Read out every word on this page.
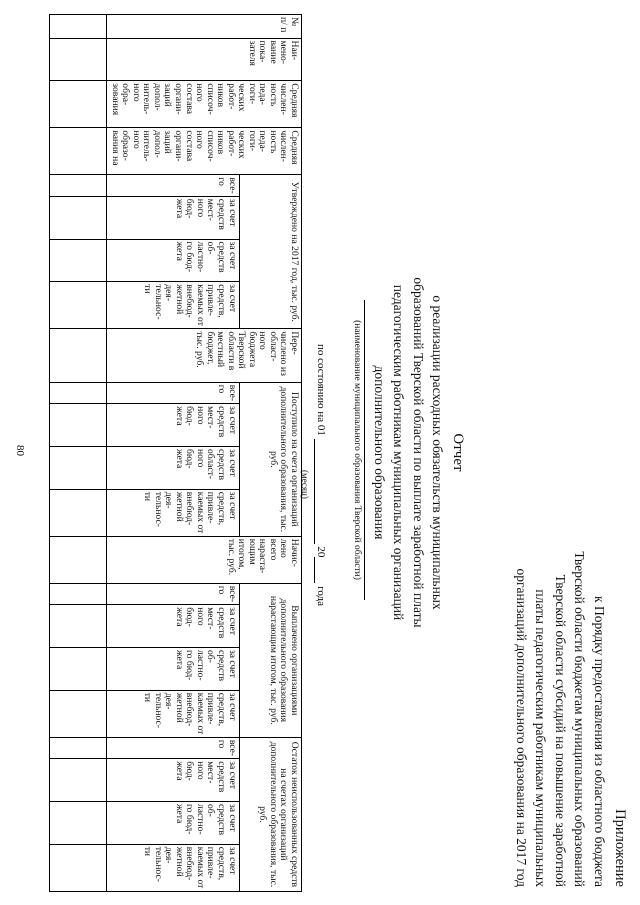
80
Приложение
к Порядку предоставления из областного бюджета
Тверской области бюджетам муниципальных образований
Тверской области субсидий на повышение заработной
платы педагогическим работникам муниципальных
организаций дополнительного образования на 2017 год
Отчет
о реализации расходных обязательств муниципальных
образований Тверской области по выплате заработной платы
педагогическим работникам муниципальных организаций
дополнительного образования
(наименование муниципального образования Тверской области)
по состоянию на 01   20  года
(месяц)
№ п/ п	Наи- мено- вание пока- зателя	Средняя числен- ность педа- гоги- ческих работ- ников списоч- ного состава органи- заций допол- нитель- ного обра- зования	Средняя числен- ность педа- гоги- ческих работ- ников списоч- ного состава органи- заций допол- нитель- ного образо- вания на	Утверждено на 2017 год, тыс. руб.				Пере- числено из област- ного бюджета Тверской области в местный бюджет, тыс. руб.	Поступило на счета организаций дополнительного образования, тыс. руб.				Начис- лено всего нараста- ющим итогом, тыс. руб.	Выплачено организациями дополнительного образования нарастающим итогом, тыс. руб.				Остаток неиспользованных средств на счетах организаций дополнительного образования, тыс. руб.			
				все- го	за счет средств мест- ного бюд- жета	за счет средств об- ластно- го бюд- жета	за счет средств, привле- каемых от внебюд- жетной дея- тельнос- ти		все- го	за счет средств мест- ного бюд- жета	за счет средств област- ного бюд- жета	за счет средств, привле- каемых от внебюд- жетной дея- тельнос- ти		все- го	за счет средств мест- ного бюд- жета	за счет средств об- ластно- го бюд- жета	за счет средств, привле- каемых от внебюд- жетной дея- тельнос- ти	все- го	за счет средств мест- ного бюд- жета	за счет средств об- ластно- го бюд- жета	за счет средств, привле- каемых от внебюд- жетной дея- тельнос- ти
